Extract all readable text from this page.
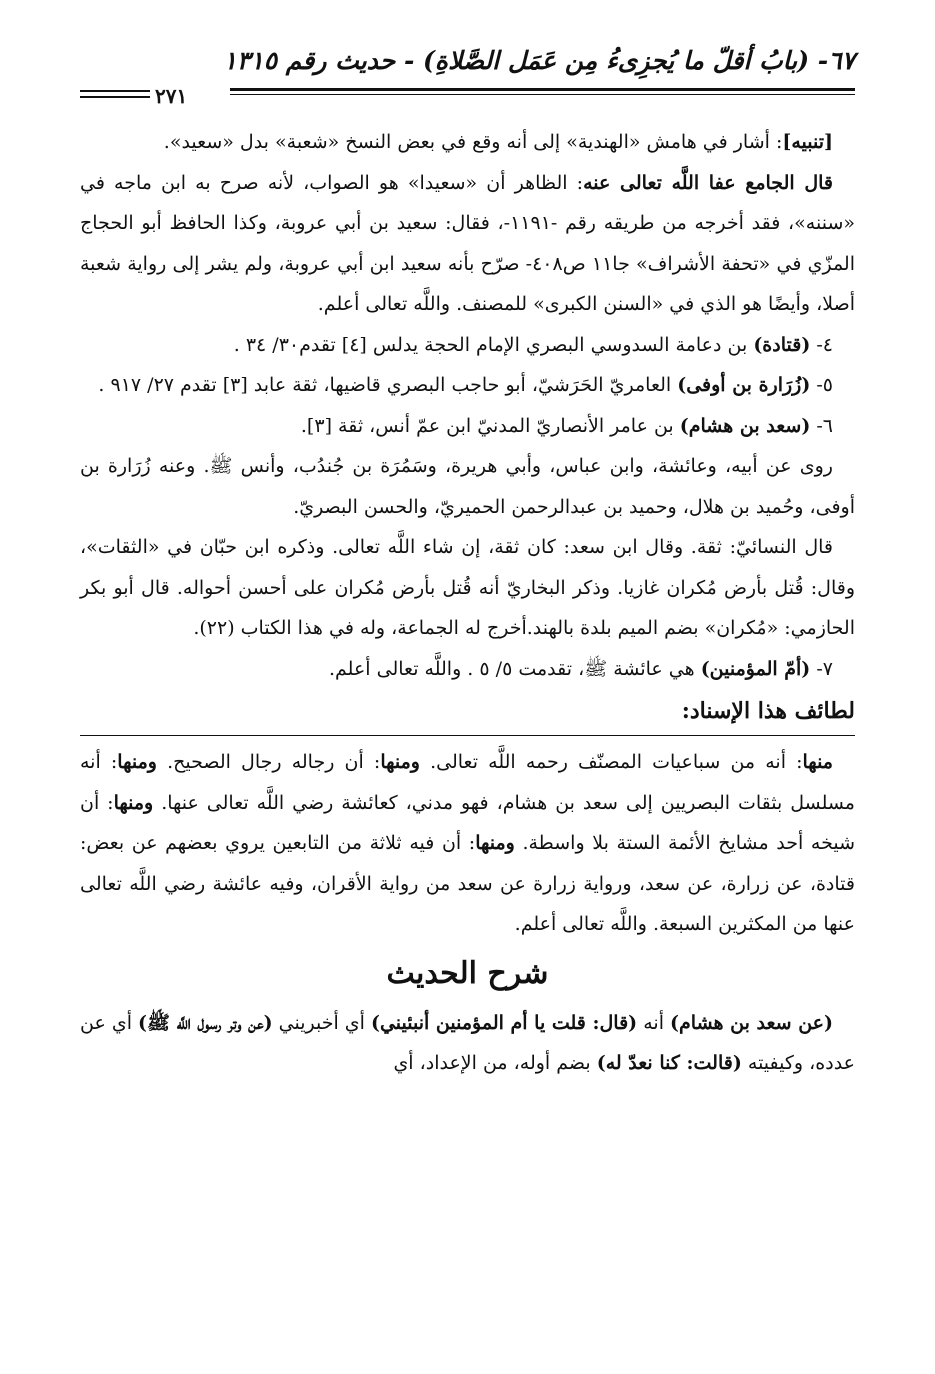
٦٧- (بابُ أقلّ ما يُجزِىءُ مِن عَمَل الصَّلاةِ) - حديث رقم ١٣١٥
٢٧١

[تنبيه]: أشار في هامش «الهندية» إلى أنه وقع في بعض النسخ «شعبة» بدل «سعيد».

قال الجامع عفا اللَّه تعالى عنه: الظاهر أن «سعيدا» هو الصواب، لأنه صرح به ابن ماجه في «سننه»، فقد أخرجه من طريقه رقم -١١٩١-، فقال: سعيد بن أبي عروبة، وكذا الحافظ أبو الحجاج المزّي في «تحفة الأشراف» جا١١ ص٤٠٨- صرّح بأنه سعيد ابن أبي عروبة، ولم يشر إلى رواية شعبة أصلا، وأيضًا هو الذي في «السنن الكبرى» للمصنف. واللَّه تعالى أعلم.

٤- (قتادة) بن دعامة السدوسي البصري الإمام الحجة يدلس [٤] تقدم٣٠/ ٣٤ .

٥- (زُرَارة بن أوفى) العامريّ الحَرَشيّ، أبو حاجب البصري قاضيها، ثقة عابد [٣] تقدم ٢٧/ ٩١٧ .

٦- (سعد بن هشام) بن عامر الأنصاريّ المدنيّ ابن عمّ أنس، ثقة [٣].

روى عن أبيه، وعائشة، وابن عباس، وأبي هريرة، وسَمُرَة بن جُندُب، وأنس ﷺ. وعنه زُرَارة بن أوفى، وحُميد بن هلال، وحميد بن عبدالرحمن الحميريّ، والحسن البصريّ.

قال النسائيّ: ثقة. وقال ابن سعد: كان ثقة، إن شاء اللَّه تعالى. وذكره ابن حبّان في «الثقات»، وقال: قُتل بأرض مُكران غازيا. وذكر البخاريّ أنه قُتل بأرض مُكران على أحسن أحواله. قال أبو بكر الحازمي: «مُكران» بضم الميم بلدة بالهند.أخرج له الجماعة، وله في هذا الكتاب (٢٢).

٧- (أمّ المؤمنين) هي عائشة ﷺ، تقدمت ٥/ ٥ . واللَّه تعالى أعلم.

لطائف هذا الإسناد:

منها: أنه من سباعيات المصنّف رحمه اللَّه تعالى. ومنها: أن رجاله رجال الصحيح. ومنها: أنه مسلسل بثقات البصريين إلى سعد بن هشام، فهو مدني، كعائشة رضي اللَّه تعالى عنها. ومنها: أن شيخه أحد مشايخ الأئمة الستة بلا واسطة. ومنها: أن فيه ثلاثة من التابعين يروي بعضهم عن بعض: قتادة، عن زرارة، عن سعد، ورواية زرارة عن سعد من رواية الأقران، وفيه عائشة رضي اللَّه تعالى عنها من المكثرين السبعة. واللَّه تعالى أعلم.

شرح الحديث

(عن سعد بن هشام) أنه (قال: قلت يا أم المؤمنين أنبئيني) أي أخبريني (عن وتر رسول اللَّه ﷺ) أي عن عدده، وكيفيته (قالت: كنا نعدّ له) بضم أوله، من الإعداد، أي
